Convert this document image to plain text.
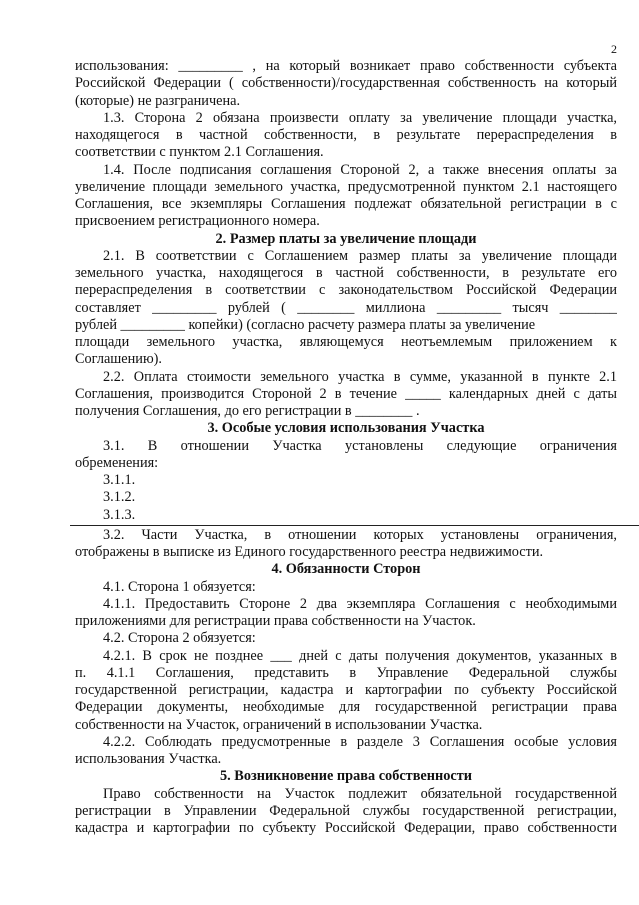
2
использования: _________ , на который возникает право собственности субъекта
Российской Федерации ( собственности)/государственная собственность на который
(которые) не разграничена.
1.3. Сторона 2 обязана произвести оплату за увеличение площади участка,
находящегося в частной собственности, в результате перераспределения в
соответствии с пунктом 2.1 Соглашения.
1.4. После подписания соглашения Стороной 2, а также внесения оплаты за
увеличение площади земельного участка, предусмотренной пунктом 2.1 настоящего
Соглашения, все экземпляры Соглашения подлежат обязательной регистрации в с
присвоением регистрационного номера.
2. Размер платы за увеличение площади
2.1. В соответствии с Соглашением размер платы за увеличение площади
земельного участка, находящегося в частной собственности, в результате его
перераспределения в соответствии с законодательством Российской Федерации
составляет _________ рублей ( ________ миллиона _________ тысяч ________
рублей _________ копейки) (согласно расчету размера платы за увеличение
площади земельного участка, являющемуся неотъемлемым приложением к
Соглашению).
2.2. Оплата стоимости земельного участка в сумме, указанной в пункте 2.1
Соглашения, производится Стороной 2 в течение _____ календарных дней с даты
получения Соглашения, до его регистрации в ________ .
3. Особые условия использования Участка
3.1. В отношении Участка установлены следующие ограничения
обременения:
3.1.1.
3.1.2.
3.1.3.
3.2. Части Участка, в отношении которых установлены ограничения,
отображены в выписке из Единого государственного реестра недвижимости.
4. Обязанности Сторон
4.1. Сторона 1 обязуется:
4.1.1. Предоставить Стороне 2 два экземпляра Соглашения с необходимыми
приложениями для регистрации права собственности на Участок.
4.2. Сторона 2 обязуется:
4.2.1. В срок не позднее ___ дней с даты получения документов, указанных в
п. 4.1.1 Соглашения, представить в Управление Федеральной службы
государственной регистрации, кадастра и картографии по субъекту Российской
Федерации документы, необходимые для государственной регистрации права
собственности на Участок, ограничений в использовании Участка.
4.2.2. Соблюдать предусмотренные в разделе 3 Соглашения особые условия
использования Участка.
5. Возникновение права собственности
Право собственности на Участок подлежит обязательной государственной
регистрации в Управлении Федеральной службы государственной регистрации,
кадастра и картографии по субъекту Российской Федерации, право собственности
